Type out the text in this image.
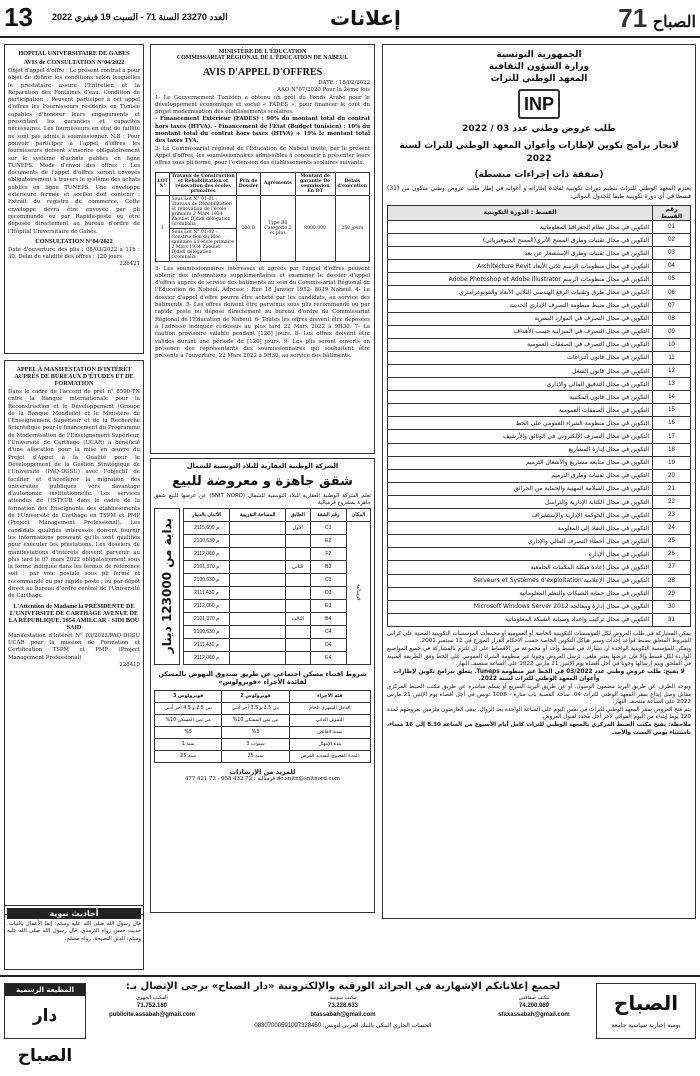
13 العدد 23270 السنة 71 - السبت 19 فيفري 2022	إعلانات	71 الصباح
HOPITAL UNIVERSITAIRE DE GABES
AVIS de CONSULTATION N°04/2022
Objet d'appel d'offre : Le présent contrat a pour objet de définir les conditions selon lesquelles le prestataire assure l'Entretien et la Réparation des Fontaines d'eau. Condition de participation : Peuvent participer à cet appel d'offres les Fournisseurs résidents en Tunisie capables d'honorer leurs engagements et présentant les garanties et capacités nécessaires. Les fournisseurs en état de faillite ne sont pas admis à soumissionner. N.B : Pour pouvoir participer à l'appel d'offres les fournisseurs doivent s'inscrire obligatoirement sur le système d'achats publics en ligne TUNEPS. Mode d'envoi des offres : Les documents de l'appel d'offres seront envoyés obligatoirement à travers le système des achats publics en ligne TUNEPS. Une enveloppe extérieure fermée et scellée doit contenir : Extrait du registre de commerce. Cette enveloppe devra être envoyée par pli recommandé ou par Rapide-poste ou être déposée directement au bureau d'ordre de l'Hôpital Universitaire de Gabès.
CONSULTATION N°04/2022
Date d'ouverture des plis : 08/03/2022 à 11h : 30. Délai de validité des offres : 120 jours
226421
APPEL À MANIFESTATION D'INTÉRÊT AUPRÈS DE BUREAUX D'ÉTUDES ET DE FORMATION
Dans le cadre de l'accord de prêt n° 8590-TN entre la Banque internationale pour la Reconstruction et le Développement (Groupe de la Banque Mondiale) et le Ministère de l'Enseignement Supérieur et de la Recherche Scientifique pour le financement du Programme de Modernisation de l'Enseignement Supérieur, l'Université de Carthage (UCAR) a bénéficié d'une allocation pour la mise en œuvre du Projet d'Appui à la Qualité pour le Développement de la Gestion Stratégique de l'Université (PAQ-DGSU) avec l'objectif de faciliter et d'accélérer la migration des universités publiques vers davantage d'autonomie institutionnelle. Les services attendus de l'ISTEUB dans le cadre de la formation des Enseignants des établissements de l'Université de Carthage en TSPM et PMP (Project Management Professional). Les candidats qualifiés intéressés doivent fournir les informations prouvant qu'ils sont qualifiés pour exécuter les prestations. Les dossiers de manifestations d'intérêts doivent parvenir au plus tard le 07 mars 2022 obligatoirement sous la forme indiquée dans les termes de référence soit : par voie postale sous pli fermé et recommandé ou par rapide poste ; ou par dépôt direct au bureau d'ordre central de l'Université de Carthage.
L'Attention de Madame la PRÉSIDENTE DE L'UNIVERSITÉ DE CARTHAGE AVENUE DE LA RÉPUBLIQUE, 1054 AMILCAR - SIDI BOU SAID
Manifestation d'Intérêt N° 03/2022/PAQ-DGSU UCAR pour la mission de Formation et Certification TSPM et PMP (Project Management Professional)
228419
MINISTÈRE DE L'ÉDUCATION
COMMISSARIAT RÉGIONAL DE L'ÉDUCATION DE NABEUL
AVIS D'APPEL D'OFFRES
DATE : 18/02/2022
AAO N°07/2020 Pour la 2ème fois
1- Le Gouvernement Tunisien a obtenu un prêt du Fonds Arabe pour le développement économique et social « FADES », pour financer le coût du projet modernisation des établissements scolaires.
- Financement Extérieur (FADES) : 90% du montant total du contrat hors taxes (HTVA). - Financement de l'État (Budget tunisien) : 10% du montant total du contrat hors taxes (HTVA) + 19% le montant total des taxes TVA.
2- Le Commissariat régional de l'Éducation de Nabeul invite, par le présent Appel d'offres, les soumissionnaires admissibles à concourir à présenter leurs offres sous pli fermé, pour l'extension des établissements scolaires suivants.
LOT N°	Travaux de Construction et Réhabilitation et rénovation des écoles primaires	Prix de Dossier	Agréments	Montant de garantie De soumission En DT	Délais d'exécution
1	Sous Lot N° 01-01 : Travaux de Réhabilitation et rénovation de l'école primaire 2 Mars 1934 Zaouiet Djdidi délégation Grombalia	200 D	Type B0 Catégorie 2 et plus	8000.000	250 jours
	Sous Lot N° 01-02 : Construction du Bloc sanitaire à l'école primaire 2 Mars 1934 Zaouiet Djdidi délégation Grombalia				
3- Les soumissionnaires intéressés et agréés par l'appel d'offres peuvent obtenir des informations supplémentaires et examiner le dossier d'appel d'offres auprès de service des bâtiments au sein du Commissariat Régional de l'Éducation de Nabeul. Adresse : Rue 18 Janvier 1952- 8019 Nabeul. 4- Le dossier d'appel d'offre pourra être acheté par les candidats, au service des bâtiments. 5- Les offres doivent être parvenus sous plis recommandé ou par rapide poste ou déposé directement au bureau d'ordre du Commissariat Régional de l'Éducation de Nabeul. 6- Toutes les offres doivent être déposées à l'adresse indiquée ci-dessus au plus tard 22 Mars 2022 à 9H30. 7- La caution provisoire valable pendant [120] jours. 8- Les offres doivent être valides durant une période de [120] jours. 9- Les plis seront ouverts en présence des représentants des soumissionnaires qui souhaitent être présents à l'ouverture, 22 Mars 2022 à 9H30, au service des bâtiments.
الشركة الوطنية العقارية للبلاد التونسية للشمال
شقق جاهزة و معروضة للبيع
تعلم الشركة الوطنية العقارية للبلاد التونسية للشمال (SNIT NORD) عن عرضها للبيع شقق جاهزة بمشروع قرمبالية
بداية من 123000 دينار
الأثمان بالدينار	المساحة التقريبية	الطابق	رقم الشقة	المكان
2م 115,600		الأول	C1	قرمبالية
2م 100,630			E2	
2م 112,060			F2	
2م 101,370		الثاني	B3	
2م 100,630			C3	
2م 111,430			D3	
2م 112,060			E3	
2م 101,370		الثالث	B4	
2م 100,630			C4	
2م 111,430			D4	
2م 112,060			E4	
شروط اقتناء مسكن اجتماعي عن طريق صندوق النهوض بالمسكن لفائدة الأجراء «فوبرولوس»
فوبرولوس 3	فوبرولوس 2	فئة الأجراء
بين 2.5 و 4.5 أجر أدنى	بين 2.5 و 3.5 أجر أدنى	الدخل الشهري الخام
%10 من ثمن المسكن	%10 من ثمن المسكن	التمويل الذاتي
%5	%3	نسبة الفائض
سنة 1	سنوات 3	مدة الإمهال
سنة 25	سنة 25	المدة القصوى لتسديد القرض
للمزيد من الإرشادات
قرمبالية : 72 432 058 - 72 421 477 dc.snitn@snitnord.com
الجمهورية التونسية
وزارة الشؤون الثقافية
المعهد الوطني للتراث
INP
طلب عروض وطني عدد 03 / 2022
لانجاز برامج تكوين لإطارات وأعوان المعهد الوطني للتراث لسنة 2022
(صفقة ذات إجراءات مبسطة)
يعتزم المعهد الوطني للتراث تنظيم دورات تكوينية لفائدة إطاراته و أعوانه في إطار طلب عروض وطني متكون من (31) قسطا في أي دورة تكوينية طبقا للجدول الموالي:
رقم القسط	القسط : الدورة التكوينية
01	التكوين في مجال نظام الجغرافيا المعلوماتية
02	التكوين في مجال تقنيات وطرق المسح الأثري(المسح الجيوفيزيائي)
03	التكوين في مجال تقنيات وطرق الإستشعار عن بعد
04	التكوين في مجال منظومات الرسم ثلاثي الأبعاد Architecture Revit
05	التكوين في مجال منظومات الرسم Adobe Photoshop et Adobe Illustrator
06	التكوين في مجال طرق وتقنيات الرفع الهندسي الثلاثي الأبعاد والفوتوغرامتري
07	التكوين في مجال ضبط منظومة التصرف الإداري الحديث
08	التكوين في مجال التصرف في الموارد البشرية
09	التكوين في مجال التصرف في الميزانية حسب الأهداف
10	التكوين في مجال التصرف في الصفقات العمومية
11	التكوين في مجال قانون النزاعات
12	التكوين في مجال قانون الشغل
13	التكوين في مجال التدقيق المالي والإداري
14	التكوين في مجال قانون المكتبية
15	التكوين في مجال الصفقات العمومية
16	التكوين في مجال منظومة الشراء العمومي على الخط
17	التكوين في مجال التصرف الإلكتروني في الوثائق والأرشيف
18	التكوين في مجال إدارة المشاريع
19	التكوين في مجال متابعة مشاريع والأشغال الترميم
20	التكوين في مجال تقنيات وطرق الترميم
21	التكوين في مجال السلامة المهنية والحماية من الحرائق
22	التكوين في مجال الكتابة الإدارية والتراسل
23	التكوين في مجال الحوكمة الإدارية والإستشراف
24	التكوين في مجال النفاذ إلى المعلومة
25	التكوين في مجال أخطاء التصرف المالي والإداري
26	التكوين في مجال الإدارة
27	التكوين في مجال إعادة هيكلة المكتبات الجامعية
28	التكوين في مجال الإعلامية Serveurs et Systèmes d'exploitation
29	التكوين في مجال حماية الشبكات والنظم المعلوماتية
30	التكوين في مجال إدارة ومعالجة Microsoft Windows Server 2012
31	التكوين في مجال تركيب وإعداد وصيانة الشبكة المعلوماتية
يمكن المشاركة في طلب العروض لكل المؤسسات التكوينية الخاصة أو العمومية أو مجمعات المؤسسات التكوينية المعنية على كراس الشروط المتعلق بضبط قواعد إحداث وسير هياكل التكوين الخاصة حسب الأحكام القرار المؤرخ في 12 سبتمبر 2001.
ويمكن للمؤسسة التكوينية الواحدة أن تشارك في قسط واحد أو مجموعة من الأقساط على أن تلتزم بالمشاركة في جميع المواضيع الواردة لكل قسط وإلا فإن عرضها يعتبر ملغى. ترسل العروض وجوبا عبر منظومة الشراء العمومي على الخط وفق الطريقة المبينة في الملحق ويتم إرسالها وجوبا في أجل أقصاه يوم الإثنين 21 مارس 2022 على الساعة منتصف النهار.
لا يفتح: طلب عروض وطني عدد 03/2022 في الخط عبر منظومة Tuneps. يتعلق ببرامج تكوين لإطارات وأعوان المعهد الوطني للتراث لسنة 2022.
ويوجه الظرف عن طريق البريد مضمون الوصول، أو عن طريق البريد السريع أو يسلم مباشرة عن طريق مكتب الضبط المركزي مقابل وصل إيداع بمقر المعهد الوطني للتراث 04، ساحة القصبة باب منارة - 1008 تونس في أجل أقصاه يوم الإثنين 21 مارس 2022 على الساعة منتصف النهار.
يتم فتح العروض بمقر المعهد الوطني للتراث في نفس اليوم على الساعة الواحدة بعد الزوال. يبقى العارضون ملزمين بعروضهم لمدة 120 يوما إبتداء من اليوم الموالي لآخر أجل محدد لقبول العروض.
ملاحظة: يفتح مكتب الضبط المركزي بالمعهد الوطني للتراث كامل أيام الأسبوع من الساعة 8.30 إلى 16 مساء، باستثناء يومي السبت والأحد.
أحاديث نبوية
قال رسول الله صلى الله عليه وسلم: إنما الأعمال بالنيات. حديث حسن رواه الترمذي. قال رسول الله صلى الله عليه وسلم: الدين النصيحة. رواه مسلم.
المطبعة الرسمية
دار الصباح
لجميع إعلاناتكم الإشهارية في الجرائد الورقية والإلكترونية «دار الصباح» يرجى الإتصال بـ:
مكتب صفاقس
74.200.989
sfaxassabah@gmail.com
مكتب سوسة
73.228.633
btassabah@gmail.com
المكتب الجهوي
71.752.180
publicite.assabah@gmail.com
الحساب الجاري البنكي بالبنك العربي لتونس: 08307000591097328450
الصباح
يومية إخبارية سياسية جامعة
